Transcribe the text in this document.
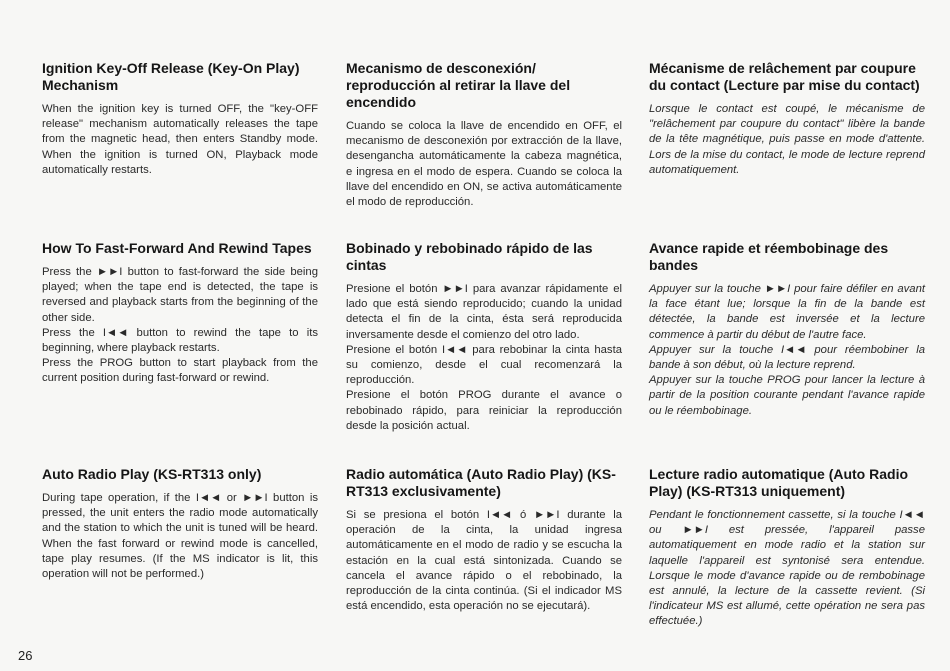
Ignition Key-Off Release (Key-On Play) Mechanism

When the ignition key is turned OFF, the "key-OFF release" mechanism automatically releases the tape from the magnetic head, then enters Standby mode. When the ignition is turned ON, Playback mode automatically restarts.

How To Fast-Forward And Rewind Tapes

Press the ►►I button to fast-forward the side being played; when the tape end is detected, the tape is reversed and playback starts from the beginning of the other side.
Press the I◄◄ button to rewind the tape to its beginning, where playback restarts.
Press the PROG button to start playback from the current position during fast-forward or rewind.

Auto Radio Play (KS-RT313 only)

During tape operation, if the I◄◄ or ►►I button is pressed, the unit enters the radio mode automatically and the station to which the unit is tuned will be heard. When the fast forward or rewind mode is cancelled, tape play resumes. (If the MS indicator is lit, this operation will not be performed.)

Mecanismo de desconexión/ reproducción al retirar la llave del encendido

Cuando se coloca la llave de encendido en OFF, el mecanismo de desconexión por extracción de la llave, desengancha automáticamente la cabeza magnética, e ingresa en el modo de espera. Cuando se coloca la llave del encendido en ON, se activa automáticamente el modo de reproducción.

Bobinado y rebobinado rápido de las cintas

Presione el botón ►►I para avanzar rápidamente el lado que está siendo reproducido; cuando la unidad detecta el fin de la cinta, ésta será reproducida inversamente desde el comienzo del otro lado.
Presione el botón I◄◄ para rebobinar la cinta hasta su comienzo, desde el cual recomenzará la reproducción.
Presione el botón PROG durante el avance o rebobinado rápido, para reiniciar la reproducción desde la posición actual.

Radio automática (Auto Radio Play) (KS-RT313 exclusivamente)

Si se presiona el botón I◄◄ ó ►►I durante la operación de la cinta, la unidad ingresa automáticamente en el modo de radio y se escucha la estación en la cual está sintonizada. Cuando se cancela el avance rápido o el rebobinado, la reproducción de la cinta continúa. (Si el indicador MS está encendido, esta operación no se ejecutará).

Mécanisme de relâchement par coupure du contact (Lecture par mise du contact)

Lorsque le contact est coupé, le mécanisme de "relâchement par coupure du contact" libère la bande de la tête magnétique, puis passe en mode d'attente. Lors de la mise du contact, le mode de lecture reprend automatiquement.

Avance rapide et réembobinage des bandes

Appuyer sur la touche ►►I pour faire défiler en avant la face étant lue; lorsque la fin de la bande est détectée, la bande est inversée et la lecture commence à partir du début de l'autre face.
Appuyer sur la touche I◄◄ pour réembobiner la bande à son début, où la lecture reprend.
Appuyer sur la touche PROG pour lancer la lecture à partir de la position courante pendant l'avance rapide ou le réembobinage.

Lecture radio automatique (Auto Radio Play) (KS-RT313 uniquement)

Pendant le fonctionnement cassette, si la touche I◄◄ ou ►►I est pressée, l'appareil passe automatiquement en mode radio et la station sur laquelle l'appareil est syntonisé sera entendue. Lorsque le mode d'avance rapide ou de rembobinage est annulé, la lecture de la cassette revient. (Si l'indicateur MS est allumé, cette opération ne sera pas effectuée.)

26
